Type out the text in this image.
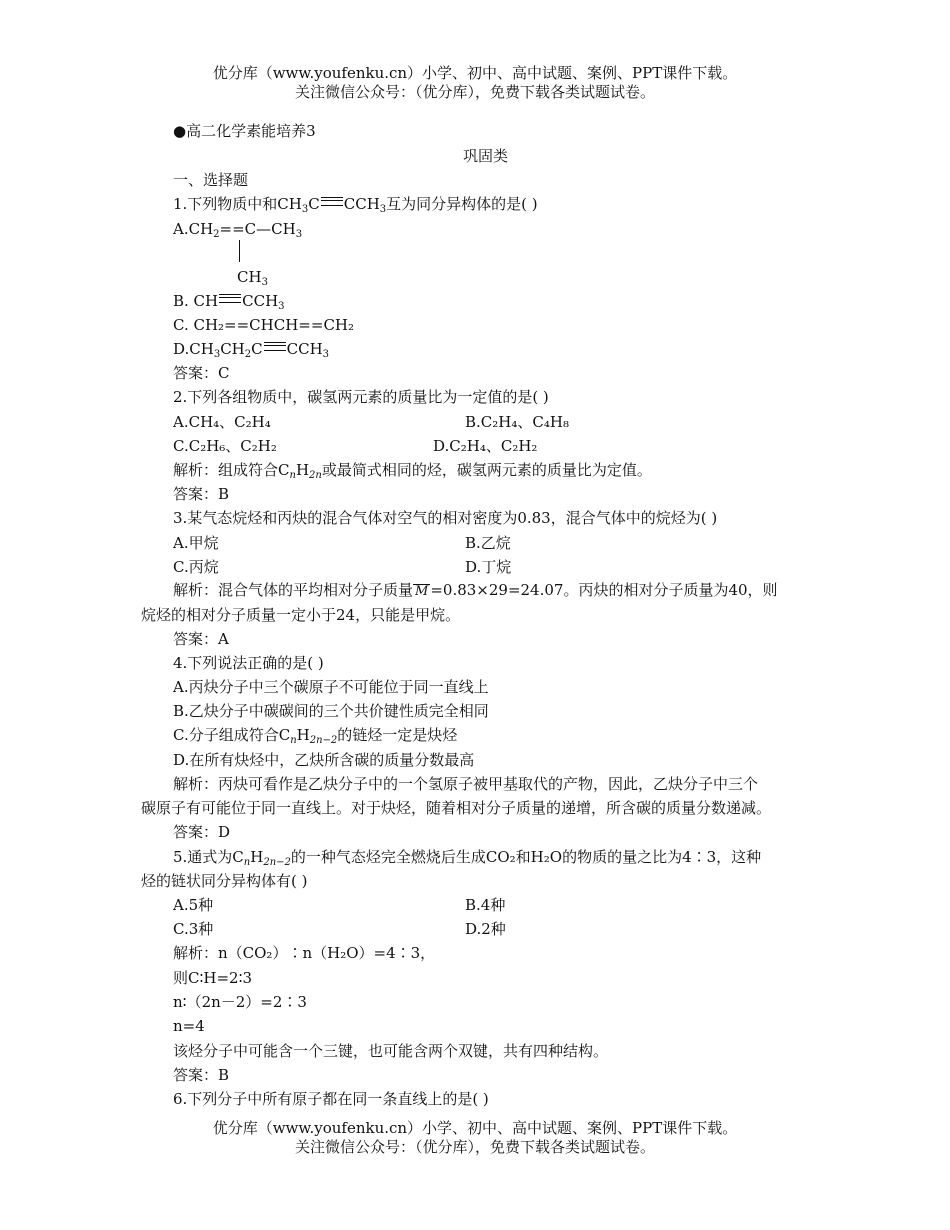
优分库（www.youfenku.cn）小学、初中、高中试题、案例、PPT课件下载。
关注微信公众号：（优分库），免费下载各类试题试卷。
●高二化学素能培养3
巩固类
一、选择题
1.下列物质中和$CH_3C$ $CCH_3$互为同分异构体的是( )
$A.CH_2==C—CH_3$
$CH_3$
B. CH $CCH_3$
C. CH₂==CHCH==CH₂
$D.CH_3CH_2C$ $CCH_3$
答案：C
2.下列各组物质中，碳氢两元素的质量比为一定值的是( )
A.CH₄、C₂H₄	B.C₂H₄、C₄H₈
C.C₂H₆、C₂H₂	D.C₂H₄、C₂H₂
解析：组成符合$C_nH_{2n}$或最简式相同的烃，碳氢两元素的质量比为定值。
答案：B
3.某气态烷烃和丙炔的混合气体对空气的相对密度为0.83，混合气体中的烷烃为( )
A.甲烷	B.乙烷
C.丙烷	D.丁烷
解析：混合气体的平均相对分子质量 M =0.83×29=24.07。丙炔的相对分子质量为40，则
烷烃的相对分子质量一定小于24，只能是甲烷。
答案：A
4.下列说法正确的是( )
A.丙炔分子中三个碳原子不可能位于同一直线上
B.乙炔分子中碳碳间的三个共价键性质完全相同
C.分子组成符合$C_nH_{2n-2}$的链烃一定是炔烃
D.在所有炔烃中，乙炔所含碳的质量分数最高
解析：丙炔可看作是乙炔分子中的一个氢原子被甲基取代的产物，因此，乙炔分子中三个
碳原子有可能位于同一直线上。对于炔烃，随着相对分子质量的递增，所含碳的质量分数递减。
答案：D
5.通式为$C_nH_{2n-2}$的一种气态烃完全燃烧后生成CO₂和H₂O的物质的量之比为4∶3，这种
烃的链状同分异构体有( )
A.5种	B.4种
C.3种	D.2种
解析：n（CO₂）∶n（H₂O）=4∶3，
则C∶H=2∶3
n∶（2n－2）=2∶3
n=4
该烃分子中可能含一个三键，也可能含两个双键，共有四种结构。
答案：B
6.下列分子中所有原子都在同一条直线上的是( )
优分库（www.youfenku.cn）小学、初中、高中试题、案例、PPT课件下载。
关注微信公众号：（优分库），免费下载各类试题试卷。
